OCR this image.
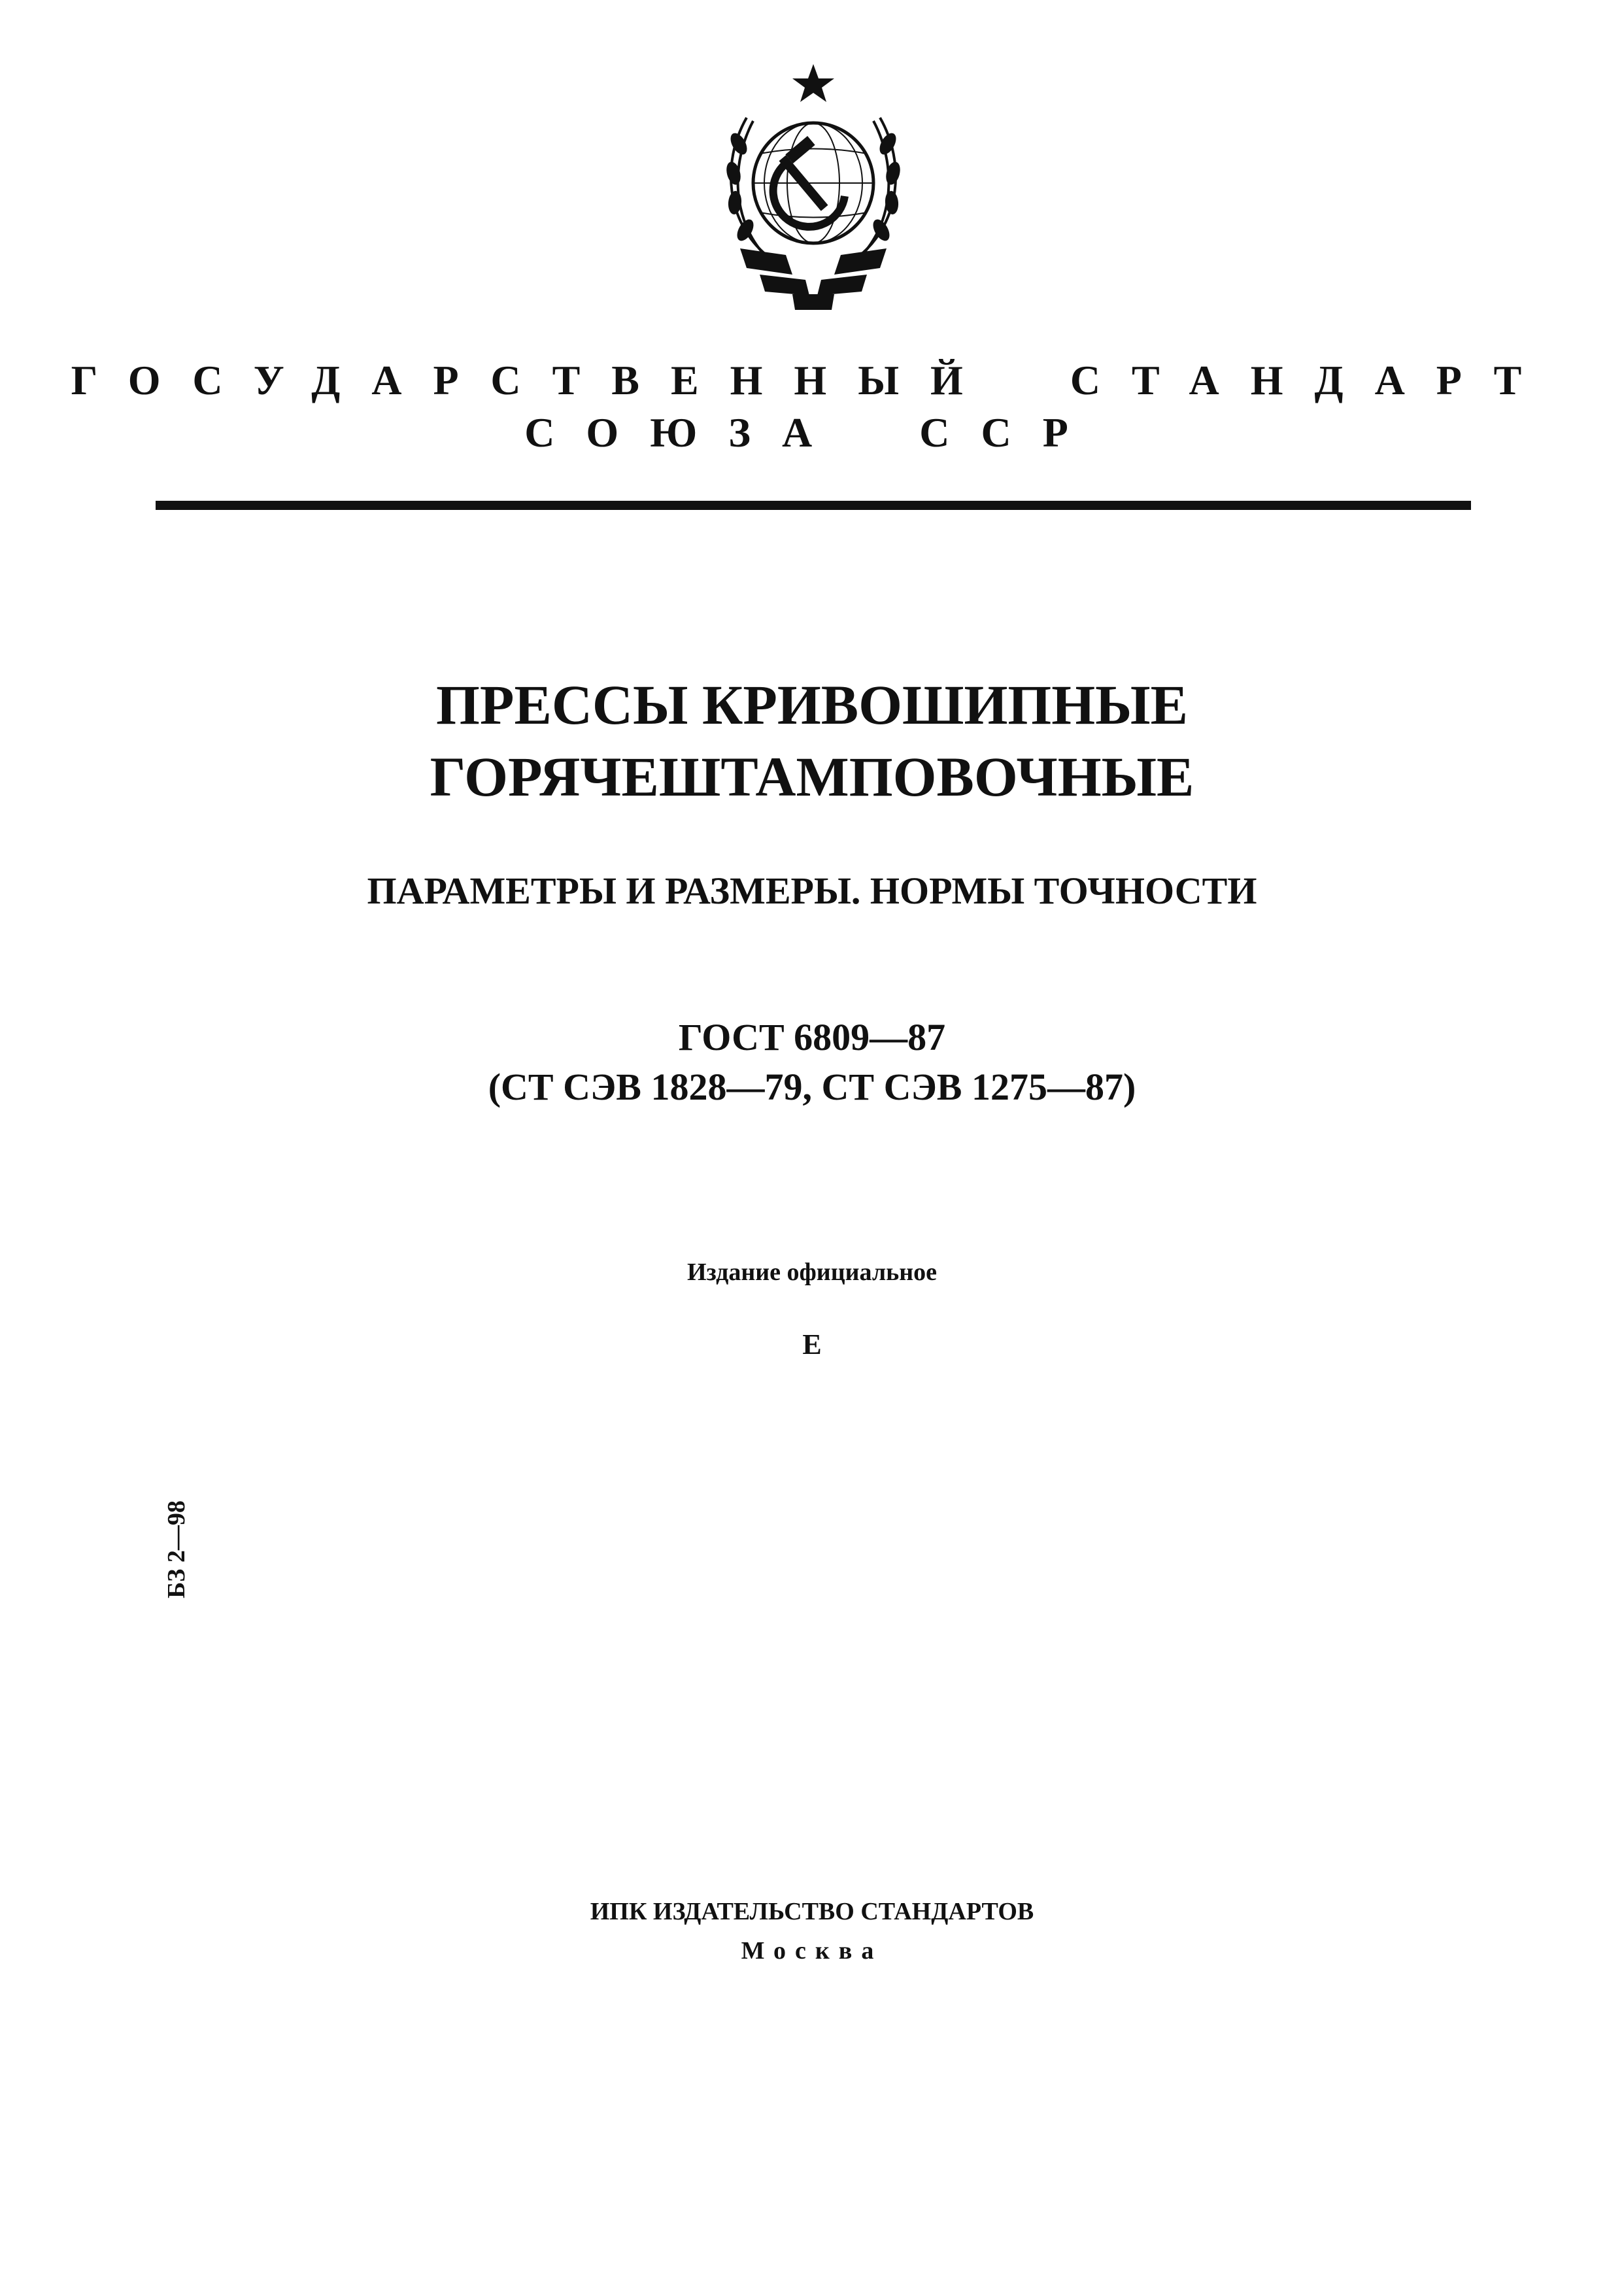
ГОСУДАРСТВЕННЫЙ СТАНДАРТ
СОЮЗА ССР
ПРЕССЫ КРИВОШИПНЫЕ
ГОРЯЧЕШТАМПОВОЧНЫЕ
ПАРАМЕТРЫ И РАЗМЕРЫ. НОРМЫ ТОЧНОСТИ
ГОСТ 6809—87
(СТ СЭВ 1828—79, СТ СЭВ 1275—87)
Издание официальное
Е
БЗ 2—98
ИПК ИЗДАТЕЛЬСТВО СТАНДАРТОВ
Москва
